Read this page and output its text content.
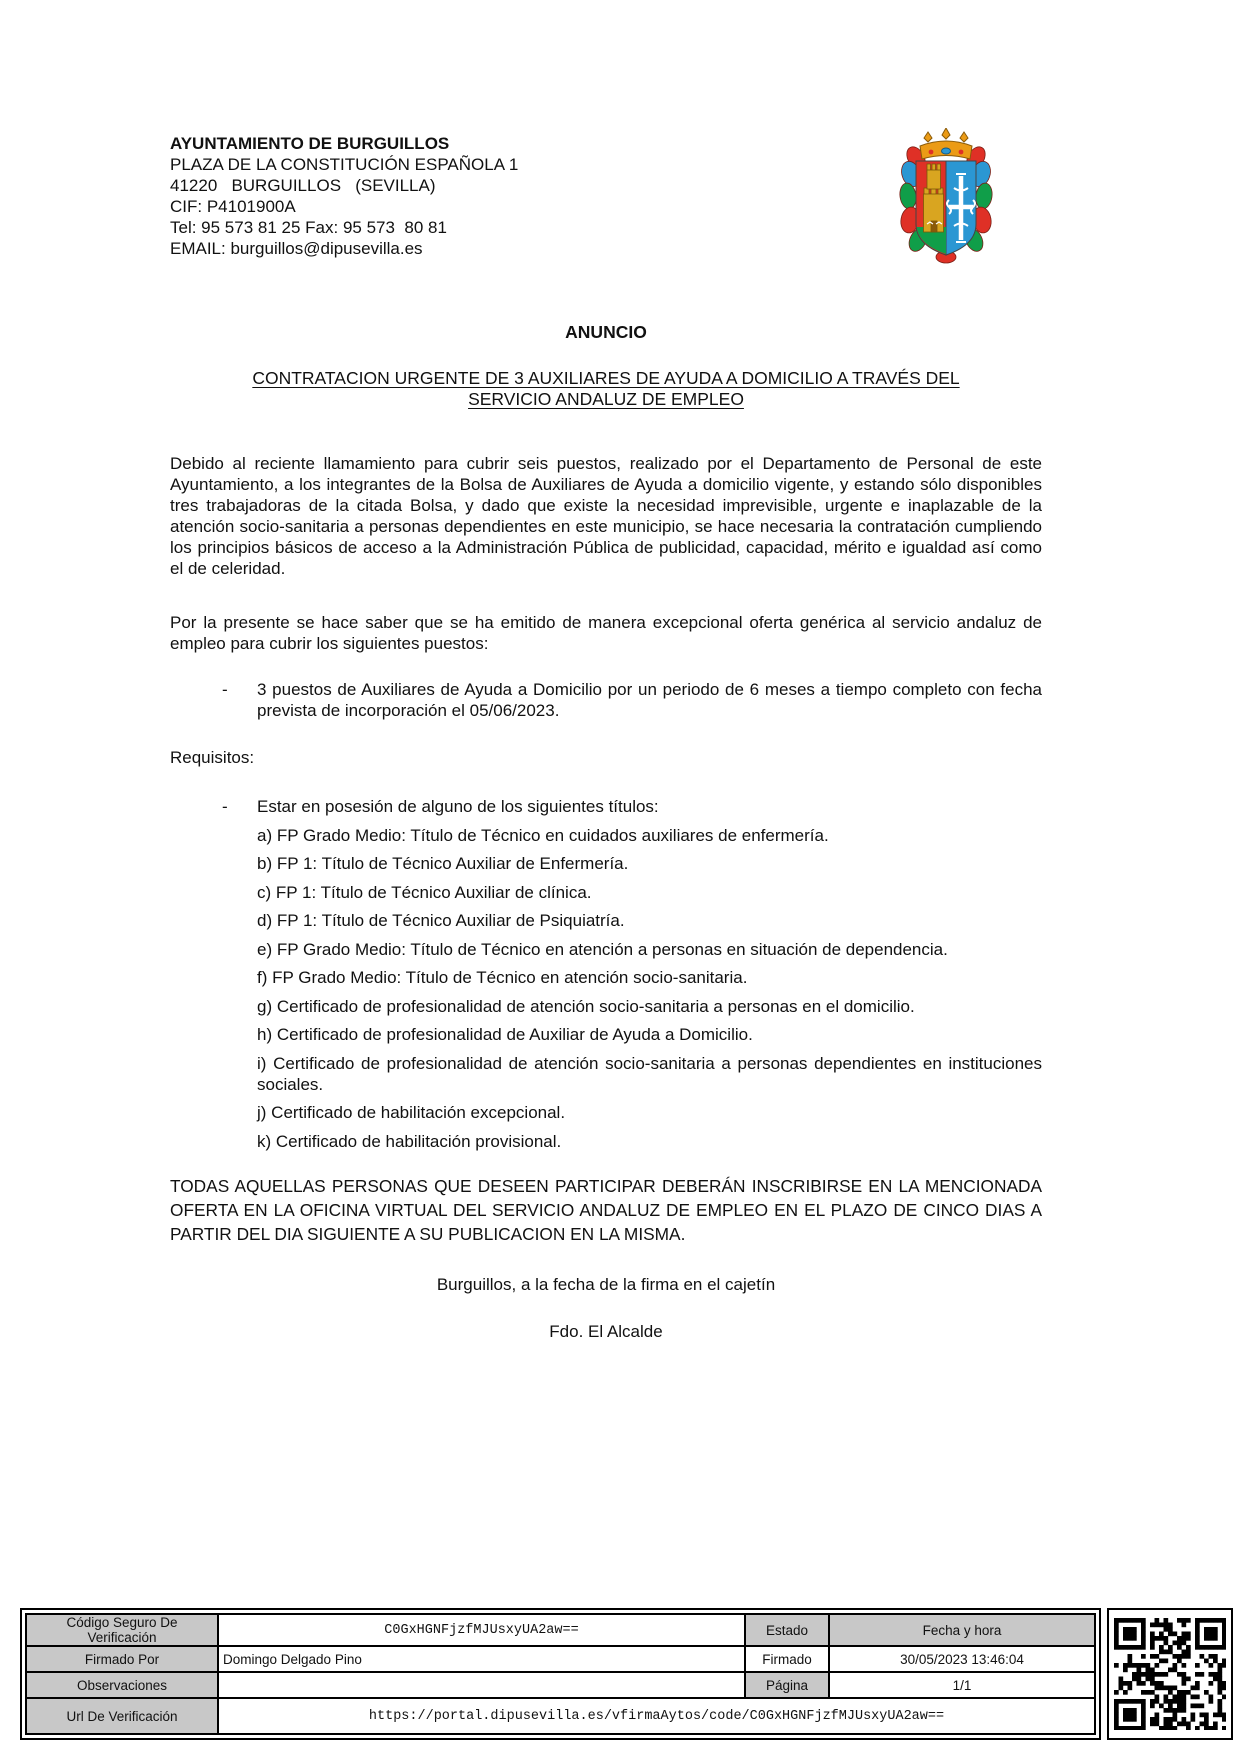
AYUNTAMIENTO DE BURGUILLOS
PLAZA DE LA CONSTITUCIÓN ESPAÑOLA 1
41220   BURGUILLOS   (SEVILLA)
CIF: P4101900A
Tel: 95 573 81 25 Fax: 95 573  80 81
EMAIL: burguillos@dipusevilla.es
ANUNCIO
CONTRATACION URGENTE DE 3 AUXILIARES DE AYUDA A DOMICILIO A TRAVÉS DEL
SERVICIO ANDALUZ DE EMPLEO
Debido al reciente llamamiento para cubrir seis puestos, realizado por el Departamento de Personal de este Ayuntamiento, a los integrantes de la Bolsa de Auxiliares de Ayuda a domicilio vigente, y estando sólo disponibles tres trabajadoras de la citada Bolsa, y dado que existe la necesidad imprevisible, urgente e inaplazable de la atención socio-sanitaria a personas dependientes en este municipio, se hace necesaria la contratación cumpliendo los principios básicos de acceso a la Administración Pública de publicidad, capacidad, mérito e igualdad así como el de celeridad.
Por la presente se hace saber que se ha emitido de manera excepcional oferta genérica al servicio andaluz de empleo para cubrir los siguientes puestos:
-	3 puestos de Auxiliares de Ayuda a Domicilio por un periodo de 6 meses a tiempo completo con fecha prevista de incorporación el 05/06/2023.
Requisitos:
-	Estar en posesión de alguno de los siguientes títulos:
a) FP Grado Medio: Título de Técnico en cuidados auxiliares de enfermería.
b) FP 1: Título de Técnico Auxiliar de Enfermería.
c) FP 1: Título de Técnico Auxiliar de clínica.
d) FP 1: Título de Técnico Auxiliar de Psiquiatría.
e) FP Grado Medio: Título de Técnico en atención a personas en situación de dependencia.
f) FP Grado Medio: Título de Técnico en atención socio-sanitaria.
g) Certificado de profesionalidad de atención socio-sanitaria a personas en el domicilio.
h) Certificado de profesionalidad de Auxiliar de Ayuda a Domicilio.
i) Certificado de profesionalidad de atención socio-sanitaria a personas dependientes en instituciones sociales.
j) Certificado de habilitación excepcional.
k) Certificado de habilitación provisional.
TODAS AQUELLAS PERSONAS QUE DESEEN PARTICIPAR DEBERÁN INSCRIBIRSE EN LA MENCIONADA OFERTA EN LA OFICINA VIRTUAL DEL SERVICIO ANDALUZ DE EMPLEO EN EL PLAZO DE CINCO DIAS A PARTIR DEL DIA SIGUIENTE A SU PUBLICACION EN LA MISMA.
Burguillos, a la fecha de la firma en el cajetín
Fdo. El Alcalde
Código Seguro De Verificación	C0GxHGNFjzfMJUsxyUA2aw==	Estado	Fecha y hora
Firmado Por	Domingo Delgado Pino	Firmado	30/05/2023 13:46:04
Observaciones		Página	1/1
Url De Verificación	https://portal.dipusevilla.es/vfirmaAytos/code/C0GxHGNFjzfMJUsxyUA2aw==		
